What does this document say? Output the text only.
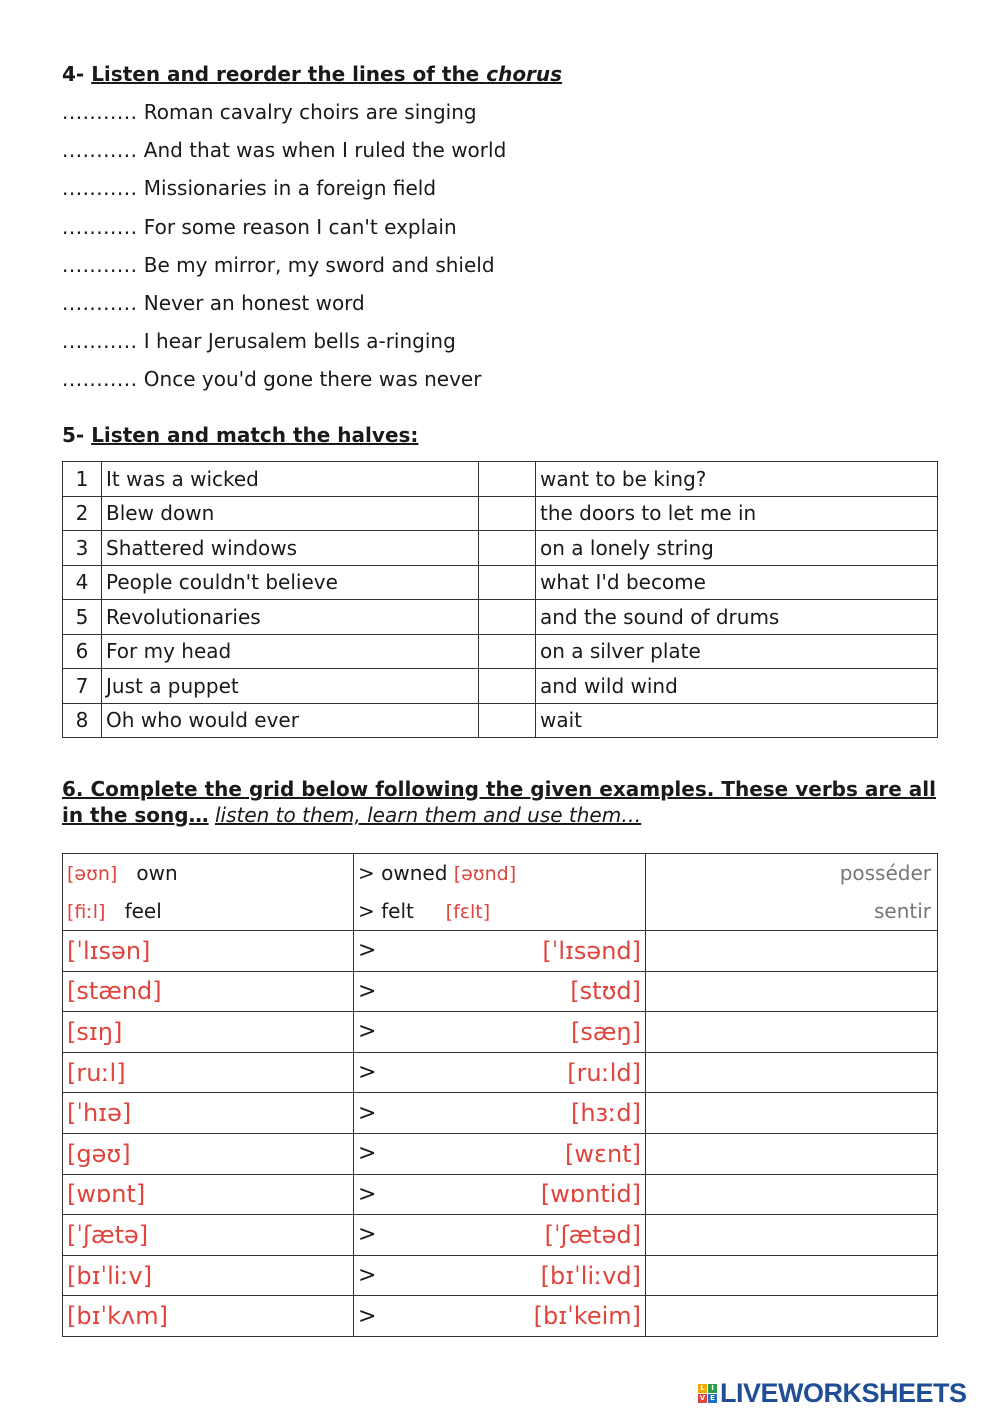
4- Listen and reorder the lines of the chorus
........... Roman cavalry choirs are singing
........... And that was when I ruled the world
........... Missionaries in a foreign field
........... For some reason I can't explain
........... Be my mirror, my sword and shield
........... Never an honest word
........... I hear Jerusalem bells a-ringing
........... Once you'd gone there was never
5- Listen and match the halves:
1	It was a wicked		want to be king?
2	Blew down		the doors to let me in
3	Shattered windows		on a lonely string
4	People couldn't believe		what I'd become
5	Revolutionaries		and the sound of drums
6	For my head		on a silver plate
7	Just a puppet		and wild wind
8	Oh who would ever		wait
6. Complete the grid below following the given examples. These verbs are all in the song… listen to them, learn them and use them…
[əʊn] own	> owned [əʊnd]	posséder
[fiːl] feel	> felt [fɛlt]	sentir
[ˈlɪsən]	> [ˈlɪsənd]	

[stænd]	> [stʊd]	

[sɪŋ]	> [sæŋ]	

[ruːl]	> [ruːld]	

[ˈhɪə]	> [hɜːd]	

[gəʊ]	> [wɛnt]	

[wɒnt]	> [wɒntid]	

[ˈʃætə]	> [ˈʃætəd]	

[bɪˈliːv]	> [bɪˈliːvd]	

[bɪˈkʌm]	> [bɪˈkeim]	

L I
V E LIVEWORKSHEETS
